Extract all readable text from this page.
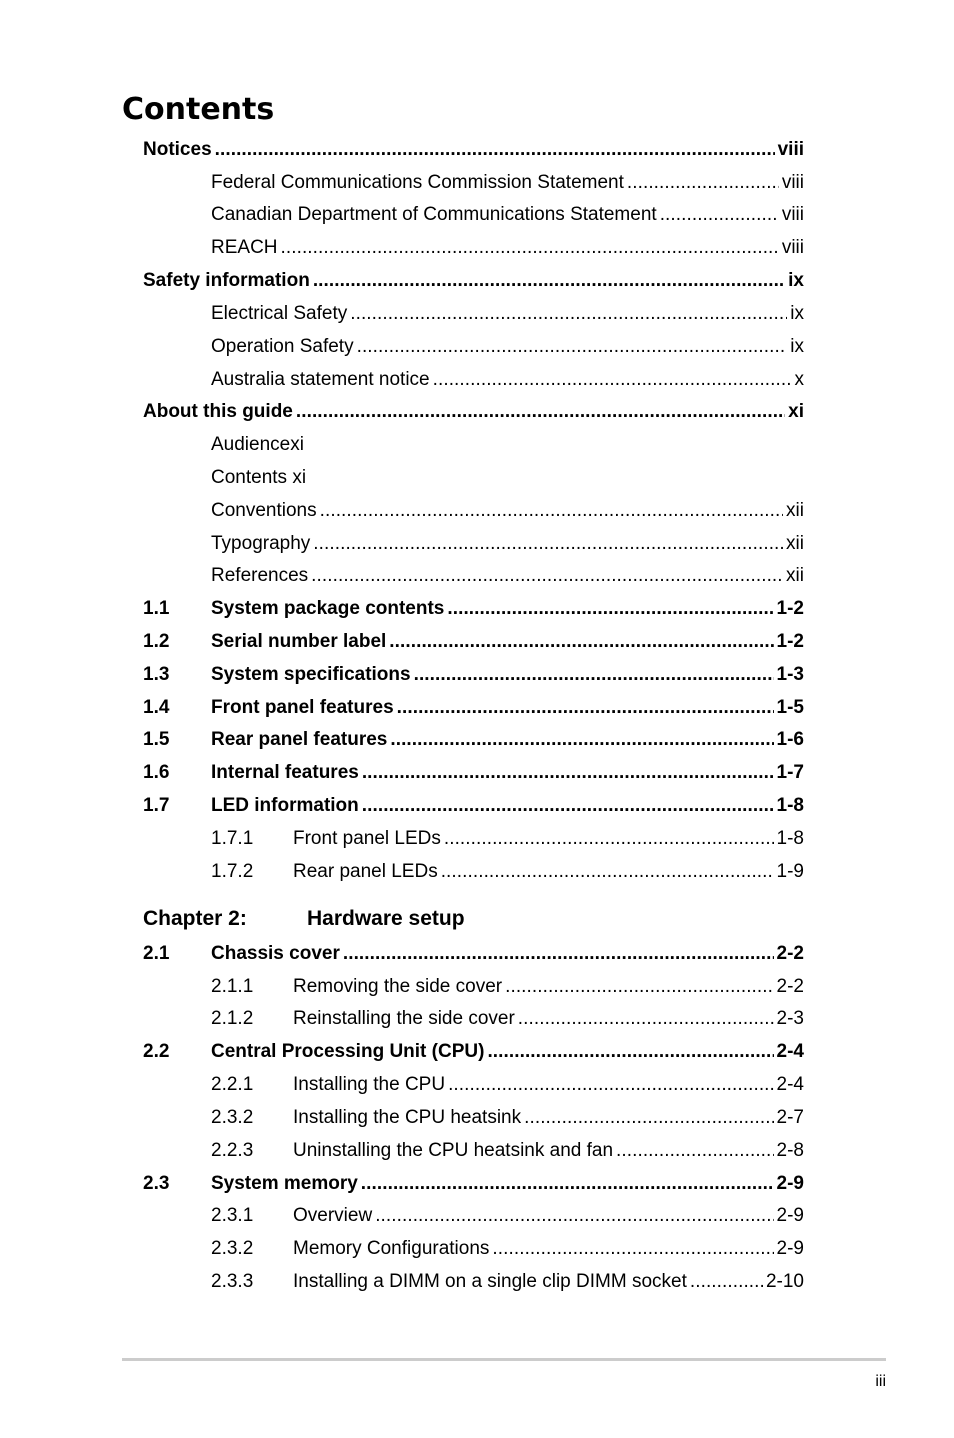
Contents
Notices . . .	viii
Federal Communications Commission Statement . . .	viii
Canadian Department of Communications Statement . . .	viii
REACH . . .	viii
Safety information . . .	ix
Electrical Safety . . .	ix
Operation Safety . . .	ix
Australia statement notice . . .	x
About this guide . . .	xi
Audiencexi
Contents xi
Conventions . . .	xii
Typography . . .	xii
References . . .	xii
1.1	System package contents . . .	1-2
1.2	Serial number label . . .	1-2
1.3	System specifications . . .	1-3
1.4	Front panel features . . .	1-5
1.5	Rear panel features . . .	1-6
1.6	Internal features . . .	1-7
1.7	LED information . . .	1-8
1.7.1	Front panel LEDs . . .	1-8
1.7.2	Rear panel LEDs . . .	1-9
Chapter 2:	Hardware setup
2.1	Chassis cover . . .	2-2
2.1.1	Removing the side cover . . .	2-2
2.1.2	Reinstalling the side cover . . .	2-3
2.2	Central Processing Unit (CPU) . . .	2-4
2.2.1	Installing the CPU . . .	2-4
2.3.2	Installing the CPU heatsink . . .	2-7
2.2.3	Uninstalling the CPU heatsink and fan . . .	2-8
2.3	System memory . . .	2-9
2.3.1	Overview . . .	2-9
2.3.2	Memory Configurations . . .	2-9
2.3.3	Installing a DIMM on a single clip DIMM socket . . .	2-10
iii
